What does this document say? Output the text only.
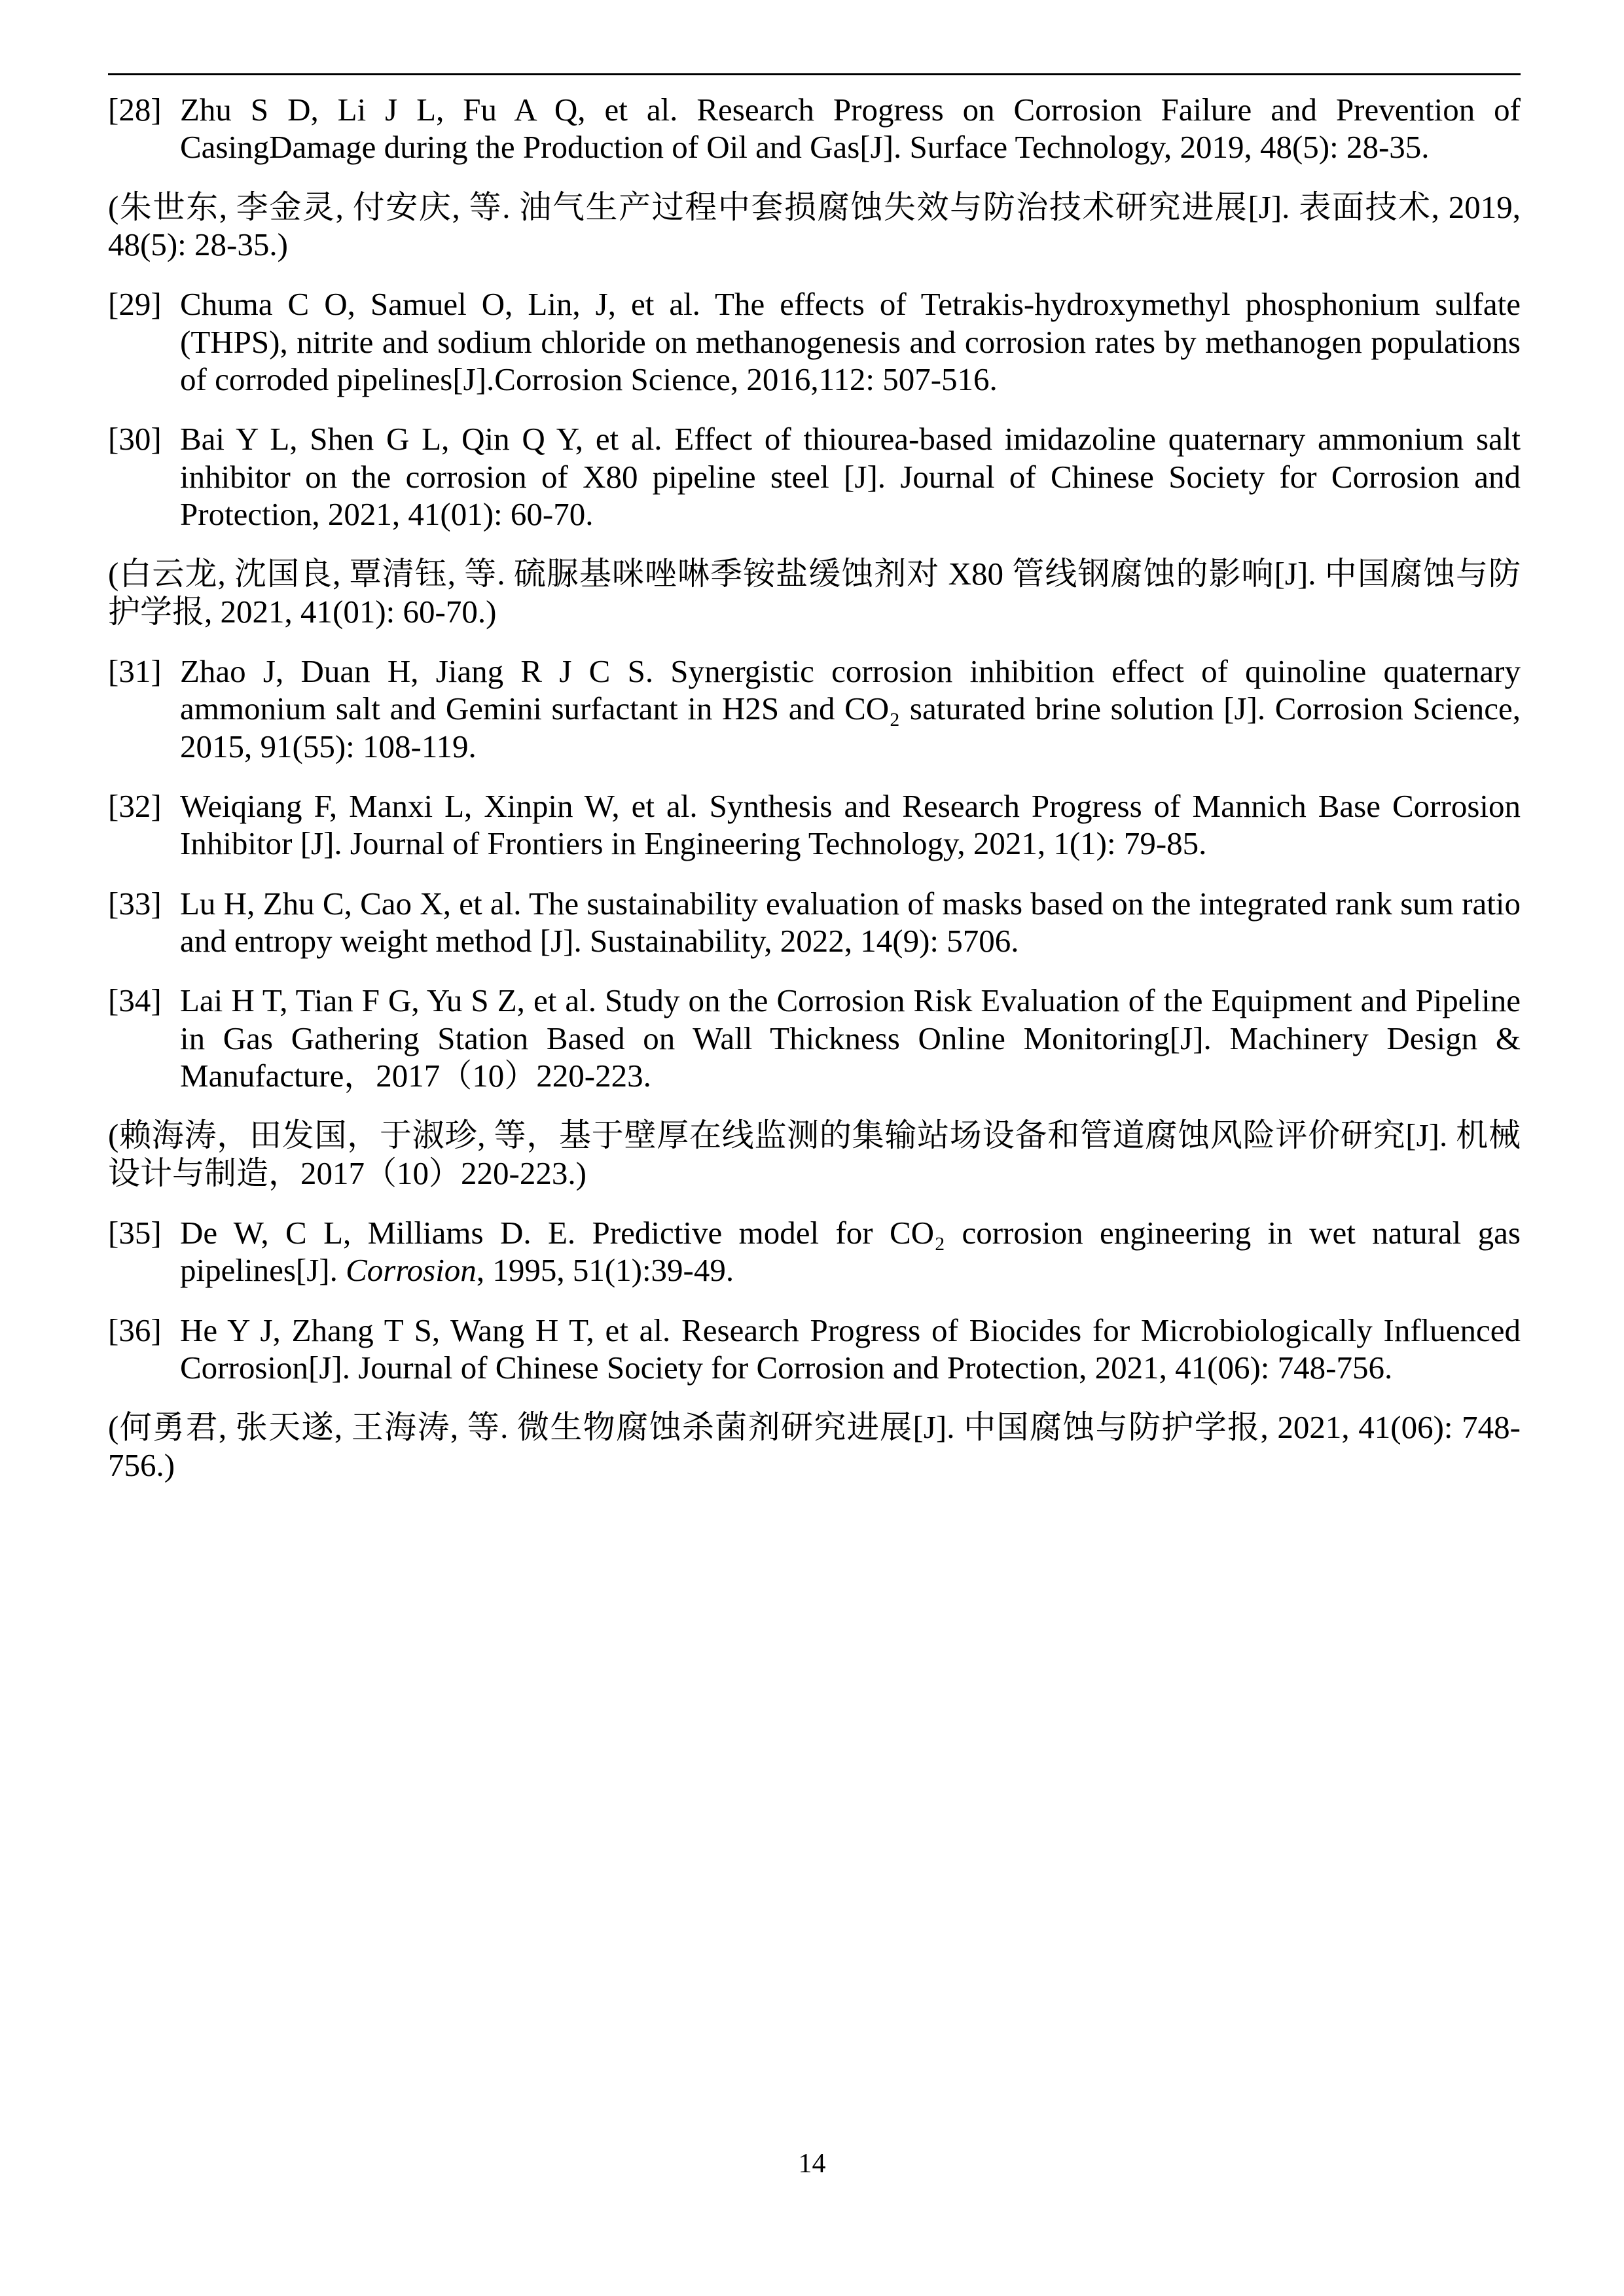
[28] Zhu S D, Li J L, Fu A Q, et al. Research Progress on Corrosion Failure and Prevention of CasingDamage during the Production of Oil and Gas[J]. Surface Technology, 2019, 48(5): 28-35.
(朱世东, 李金灵, 付安庆, 等. 油气生产过程中套损腐蚀失效与防治技术研究进展[J]. 表面技术, 2019, 48(5): 28-35.)
[29] Chuma C O, Samuel O, Lin, J, et al. The effects of Tetrakis-hydroxymethyl phosphonium sulfate (THPS), nitrite and sodium chloride on methanogenesis and corrosion rates by methanogen populations of corroded pipelines[J].Corrosion Science, 2016,112: 507-516.
[30] Bai Y L, Shen G L, Qin Q Y, et al. Effect of thiourea-based imidazoline quaternary ammonium salt inhibitor on the corrosion of X80 pipeline steel [J]. Journal of Chinese Society for Corrosion and Protection, 2021, 41(01): 60-70.
(白云龙, 沈国良, 覃清钰, 等. 硫脲基咪唑啉季铵盐缓蚀剂对 X80 管线钢腐蚀的影响[J]. 中国腐蚀与防护学报, 2021, 41(01): 60-70.)
[31] Zhao J, Duan H, Jiang R J C S. Synergistic corrosion inhibition effect of quinoline quaternary ammonium salt and Gemini surfactant in H2S and CO₂ saturated brine solution [J]. Corrosion Science, 2015, 91(55): 108-119.
[32] Weiqiang F, Manxi L, Xinpin W, et al. Synthesis and Research Progress of Mannich Base Corrosion Inhibitor [J]. Journal of Frontiers in Engineering Technology, 2021, 1(1): 79-85.
[33] Lu H, Zhu C, Cao X, et al. The sustainability evaluation of masks based on the integrated rank sum ratio and entropy weight method [J]. Sustainability, 2022, 14(9): 5706.
[34] Lai H T, Tian F G, Yu S Z, et al. Study on the Corrosion Risk Evaluation of the Equipment and Pipeline in Gas Gathering Station Based on Wall Thickness Online Monitoring[J]. Machinery Design & Manufacture，2017（10）220-223.
(赖海涛，田发国，于淑珍, 等，基于壁厚在线监测的集输站场设备和管道腐蚀风险评价研究[J]. 机械设计与制造，2017（10）220-223.)
[35] De W, C L, Milliams D. E. Predictive model for CO₂ corrosion engineering in wet natural gas pipelines[J]. Corrosion, 1995, 51(1):39-49.
[36] He Y J, Zhang T S, Wang H T, et al. Research Progress of Biocides for Microbiologically Influenced Corrosion[J]. Journal of Chinese Society for Corrosion and Protection, 2021, 41(06): 748-756.
(何勇君, 张天遂, 王海涛, 等. 微生物腐蚀杀菌剂研究进展[J]. 中国腐蚀与防护学报, 2021, 41(06): 748-756.)
14
